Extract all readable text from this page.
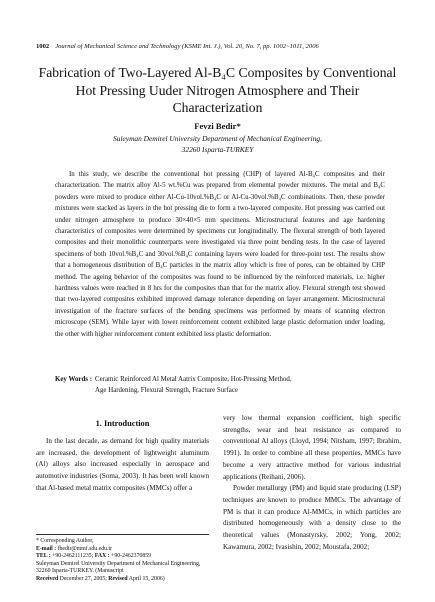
1002 Journal of Mechanical Science and Technology (KSME Int. J.), Vol. 20, No. 7, pp. 1002~1011, 2006
Fabrication of Two-Layered Al-B₄C Composites by Conventional
Hot Pressing Uuder Nitrogen Atmosphere and Their
Characterization
Fevzi Bedir*
Suleyman Demirel University Department of Mechanical Engineering,
32260 Isparta-TURKEY

In this study, we describe the conventional hot pressing (CHP) of layered Al-B₄C composites and their characterization. The matrix alloy Al-5 wt.%Cu was prepared from elemental powder mixtures. The metal and B₄C powders were mixed to produce either Al-Cu-10vol.%B₄C or Al-Cu-30vol.%B₄C combinations. Then, these powder mixtures were stacked as layers in the hot pressing die to form a two-layered composite. Hot pressing was carried out under nitrogen atmosphere to produce 30×40×5 mm specimens. Microstructural features and age hardening characteristics of composites were determined by specimens cut longitudinally. The flexural strength of both layered composites and their monolithic counterparts were investigated via three point bending tests. In the case of layered specimens of both 10vol.%B₄C and 30vol.%B₄C containing layers were loaded for three-point test. The results show that a homogeneous distribution of B₄C particles in the matrix alloy which is free of pores, can be obtained by CHP method. The ageing behavior of the composites was found to be influenced by the reinforced materials, i.e. higher hardness values were reached in 8 hrs for the composites than that for the matrix alloy. Flexural strength test showed that two-layered composites exhibited improved damage tolerance depending on layer arrangement. Microstructural investigation of the fracture surfaces of the bending specimens was performed by means of scanning electron microscope (SEM). While layer with lower reinforcement content exhibited large plastic deformation under loading, the other with higher reinforcement content exhibited less plastic deformation.

Key Words : Ceramic Reinforced Al Metal Aatrix Composite, Hot-Pressing Method,
Age Hardening, Flexural Strength, Fracture Surface
1. Introduction

In the last decade, as demand for high quality materials are increased, the development of lightweight aluminum (Al) alloys also increased especially in aerospace and automotive industries (Soma, 2003). It has been well known that Al-based metal matrix composites (MMCs) offer a

very low thermal expansion coefficient, high specific strengths, wear and heat resistance as compared to conventional Al alloys (Lloyd, 1994; Nitsham, 1997; Ibrahim, 1991). In order to combine all these properties, MMCs have become a very attractive method for various industrial applications (Reihani, 2006).

Powder metallurgy (PM) and liquid state producing (LSP) techniques are known to produce MMCs. The advantage of PM is that it can produce Al-MMCs, in which particles are distributed homogeneously with a density close to the theoretical values (Monastyrsky, 2002; Yong, 2002; Kawamura, 2002; Ivasishin, 2002; Moustafa, 2002;

* Corresponding Author,
E-mail : fbedir@mmf.sdu.edu.tr
TEL : +90-2462111235; FAX : +90-2462370859
Suleyman Demirel University Department of Mechanical Engineering, 32260 Isparta-TURKEY. (Manuscript
Received December 27, 2005; Revised April 15, 2006)
